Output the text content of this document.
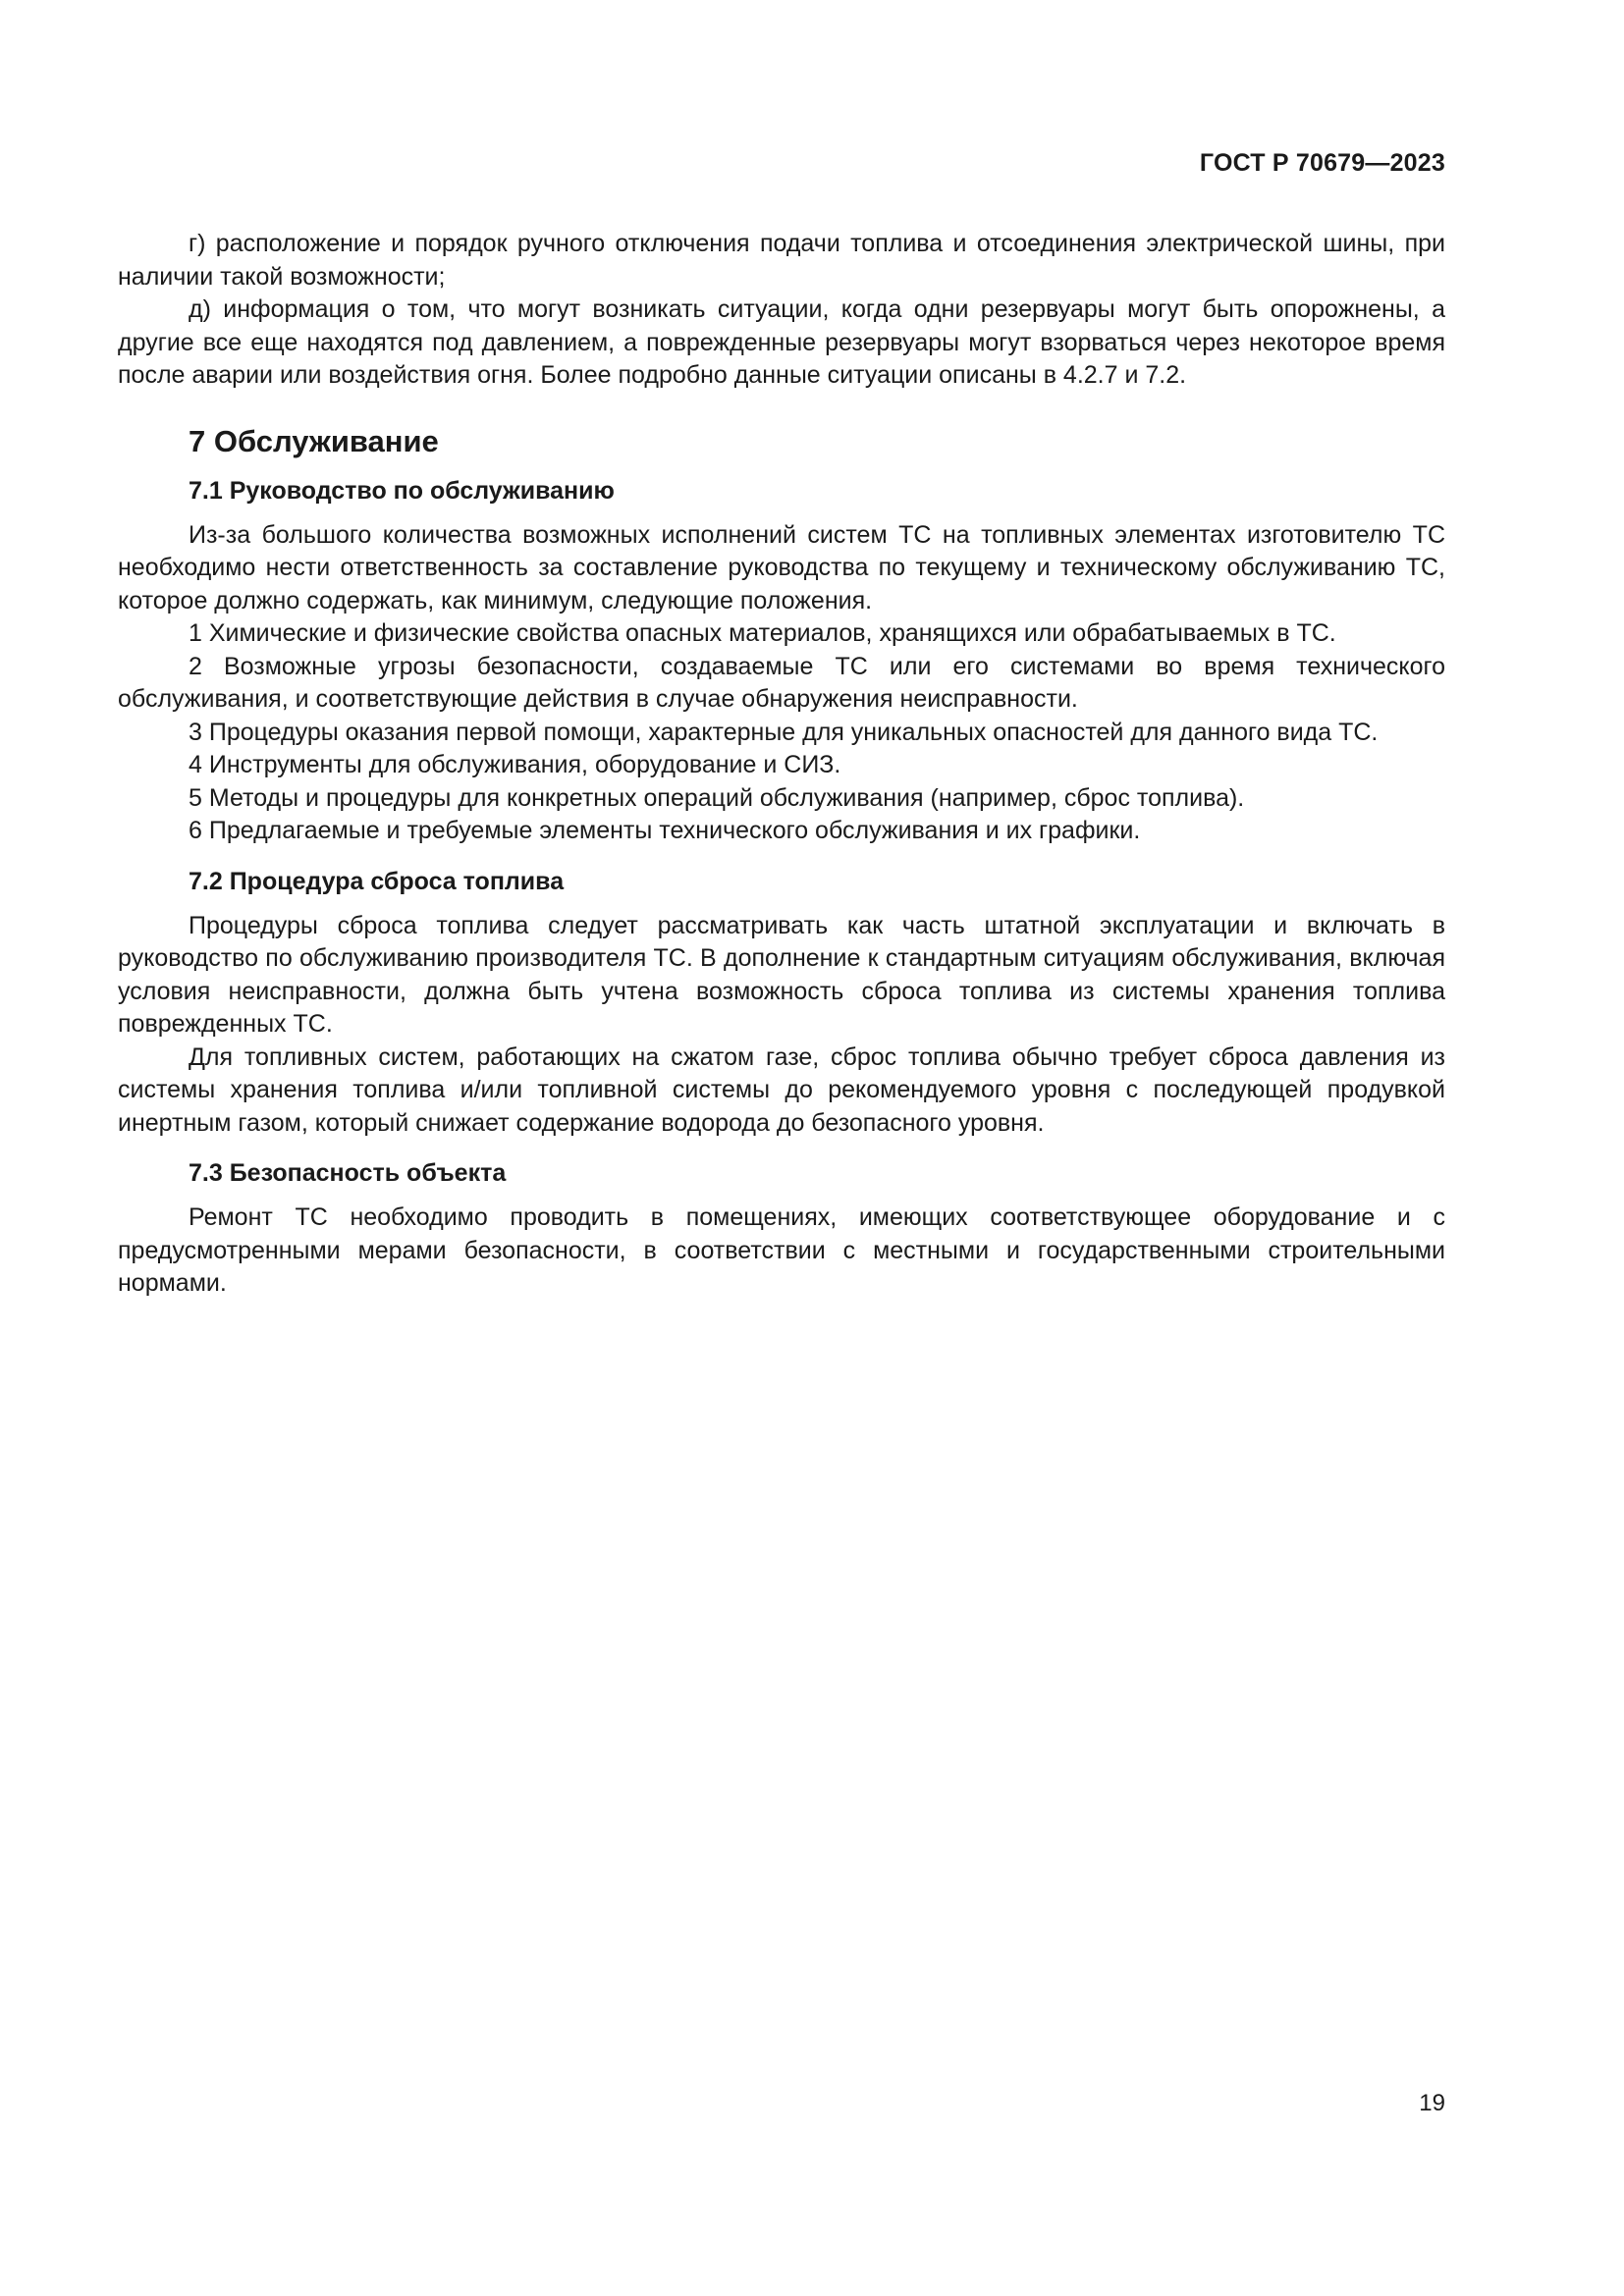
ГОСТ Р 70679—2023

г) расположение и порядок ручного отключения подачи топлива и отсоединения электрической шины, при наличии такой возможности;

д) информация о том, что могут возникать ситуации, когда одни резервуары могут быть опорожнены, а другие все еще находятся под давлением, а поврежденные резервуары могут взорваться через некоторое время после аварии или воздействия огня. Более подробно данные ситуации описаны в 4.2.7 и 7.2.

7 Обслуживание
7.1 Руководство по обслуживанию

Из-за большого количества возможных исполнений систем ТС на топливных элементах изготовителю ТС необходимо нести ответственность за составление руководства по текущему и техническому обслуживанию ТС, которое должно содержать, как минимум, следующие положения.

1 Химические и физические свойства опасных материалов, хранящихся или обрабатываемых в ТС.

2 Возможные угрозы безопасности, создаваемые ТС или его системами во время технического обслуживания, и соответствующие действия в случае обнаружения неисправности.

3 Процедуры оказания первой помощи, характерные для уникальных опасностей для данного вида ТС.

4 Инструменты для обслуживания, оборудование и СИЗ.

5 Методы и процедуры для конкретных операций обслуживания (например, сброс топлива).

6 Предлагаемые и требуемые элементы технического обслуживания и их графики.

7.2 Процедура сброса топлива

Процедуры сброса топлива следует рассматривать как часть штатной эксплуатации и включать в руководство по обслуживанию производителя ТС. В дополнение к стандартным ситуациям обслуживания, включая условия неисправности, должна быть учтена возможность сброса топлива из системы хранения топлива поврежденных ТС.

Для топливных систем, работающих на сжатом газе, сброс топлива обычно требует сброса давления из системы хранения топлива и/или топливной системы до рекомендуемого уровня с последующей продувкой инертным газом, который снижает содержание водорода до безопасного уровня.

7.3 Безопасность объекта

Ремонт ТС необходимо проводить в помещениях, имеющих соответствующее оборудование и с предусмотренными мерами безопасности, в соответствии с местными и государственными строительными нормами.

19
